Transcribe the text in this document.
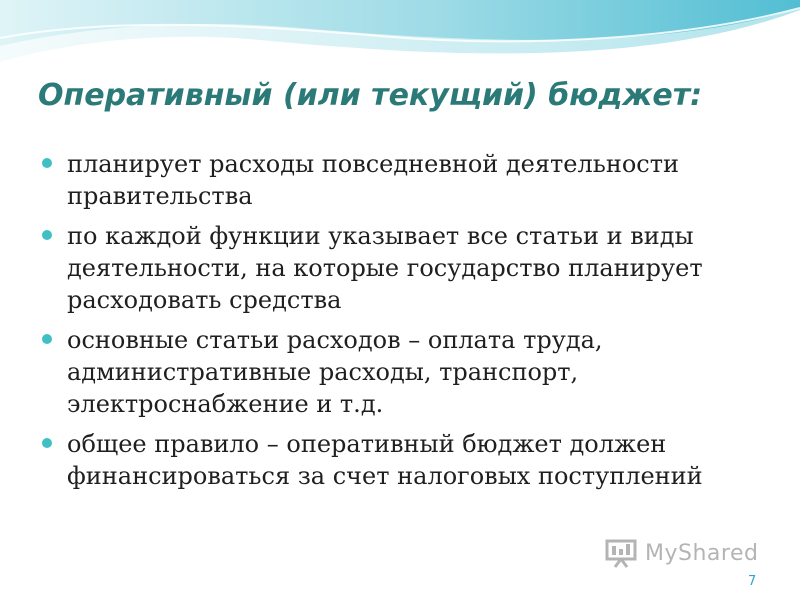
Оперативный (или текущий) бюджет:
планирует расходы повседневной деятельности правительства
по каждой функции указывает все статьи и виды деятельности, на которые государство планирует расходовать средства
основные статьи расходов – оплата труда, административные расходы, транспорт, электроснабжение и т.д.
общее правило – оперативный бюджет должен финансироваться за счет налоговых поступлений
MyShared
7
